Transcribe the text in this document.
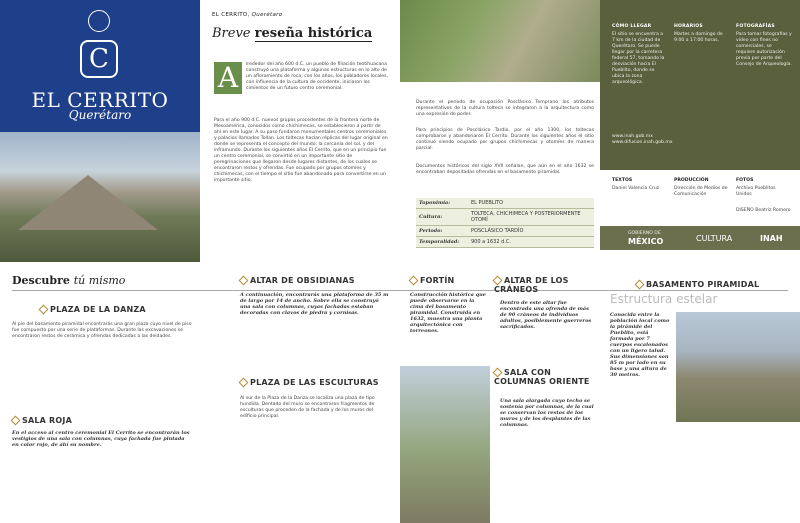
C
EL CERRITO
Querétaro
EL CERRITO, Querétaro
Breve reseña histórica
A	lrededor del año 600 d.C. un pueblo de filiación teotihuacana construyó una plataforma y algunas estructuras en lo alto de un afloramiento de roca; con los años, los pobladores locales, con influencia de la cultura de occidente, iniciaron los cimientos de un futuro centro ceremonial.
Para el año 900 d.C. nuevos grupos procedentes de la frontera norte de Mesoamérica, conocidos como chichimecas, se establecieron a partir de ahí en este lugar. A su paso fundaron monumentales centros ceremoniales y palacios llamados Tollan. Los toltecas hacían réplicas del lugar original en donde se representa el concepto del mundo: la cercanía del sol, y del inframundo. Durante los siguientes años El Cerrito, que en un principio fue un centro ceremonial, se convirtió en un importante sitio de peregrinaciones que llegaron desde lugares distantes, de los cuales se encontraron restos y ofrendas. Fue ocupado por grupos otomíes y chichimecas, con el tiempo el sitio fue abandonado para convertirse en un importante sitio.
Durante el período de ocupación Posclásico Temprano los atributos representativos de la cultura tolteca se integraron a la arquitectura como una expresión de poder.
Para principios de Posclásico Tardío, por el año 1300, los toltecas comprobaron y abandonaron El Cerrito. Durante los siguientes años el sitio continuó siendo ocupado por grupos chichimecas y otomíes de manera parcial.
Documentos históricos del siglo XVII señalan, que aún en el año 1632 se encontraban depositadas ofrendas en el basamento piramidal.
Toponimia:	EL PUEBLITO
Cultura:	TOLTECA, CHICHIMECA Y POSTERIORMENTE OTOMÍ
Periodo:	POSCLÁSICO TARDÍO
Temporalidad:	900 a 1632 d.C.
CÓMO LLEGAR
El sitio se encuentra a 7 km de la ciudad de Querétaro. Se puede llegar por la carretera federal 57, tomando la desviación hacia El Pueblito, donde se ubica la zona arqueológica.
HORARIOS
Martes a domingo de 9:00 a 17:00 horas.
FOTOGRAFÍAS
Para tomar fotografías y video con fines no comerciales, se requiere autorización previa por parte del Consejo de Arqueología.
www.inah.gob.mx
www.difusion.inah.gob.mx
TEXTOS
Daniel Valencia Cruz
PRODUCCIÓN
Dirección de Medios de Comunicación
FOTOS
Archivo Pueblitos Unidos
DISEÑO Beatriz Romero
GOBIERNO DE
MÉXICO	CULTURA	INAH
Descubre tú mismo
PLAZA DE LA DANZA
Al pie del basamento piramidal encontrarás una gran plaza cuyo nivel de piso fue compuesto por una serie de plataformas. Durante las excavaciones se encontraron restos de cerámica y ofrendas dedicadas a las deidades.
SALA ROJA
En el acceso al centro ceremonial El Cerrito se encontrarán los vestigios de una sala con columnas, cuya fachada fue pintada en color rojo, de ahí su nombre.
ALTAR DE OBSIDIANAS
A continuación, encontrarás una plataforma de 35 m de largo por 14 de ancho. Sobre ella se construyó una sala con columnas, cuyas fachadas estaban decoradas con clavos de piedra y cornisas.
PLAZA DE LAS ESCULTURAS
Al sur de la Plaza de la Danza se localiza una plaza de tipo hundida. Dentado del muro se encontraron fragmentos de esculturas que proceden de la fachada y de los muros del edificio principal.
FORTÍN
Construcción histórica que puede observarse en la cima del basamento piramidal. Construida en 1632, muestra una planta arquitectónica con torreones.
ALTAR DE LOS CRÁNEOS
Dentro de este altar fue encontrada una ofrenda de más de 90 cráneos de individuos adultos, posiblemente guerreros sacrificados.
SALA CON COLUMNAS ORIENTE
Una sala alargada cuyo techo se sostenía por columnas, de la cual se conservan los restos de los muros y de los desplantes de las columnas.
BASAMENTO PIRAMIDAL
Estructura estelar
Conocida entre la población local como la pirámide del Pueblito, está formada por 7 cuerpos escalonados con un ligero talud. Sus dimensiones son 85 m por lado en su base y una altura de 30 metros.
